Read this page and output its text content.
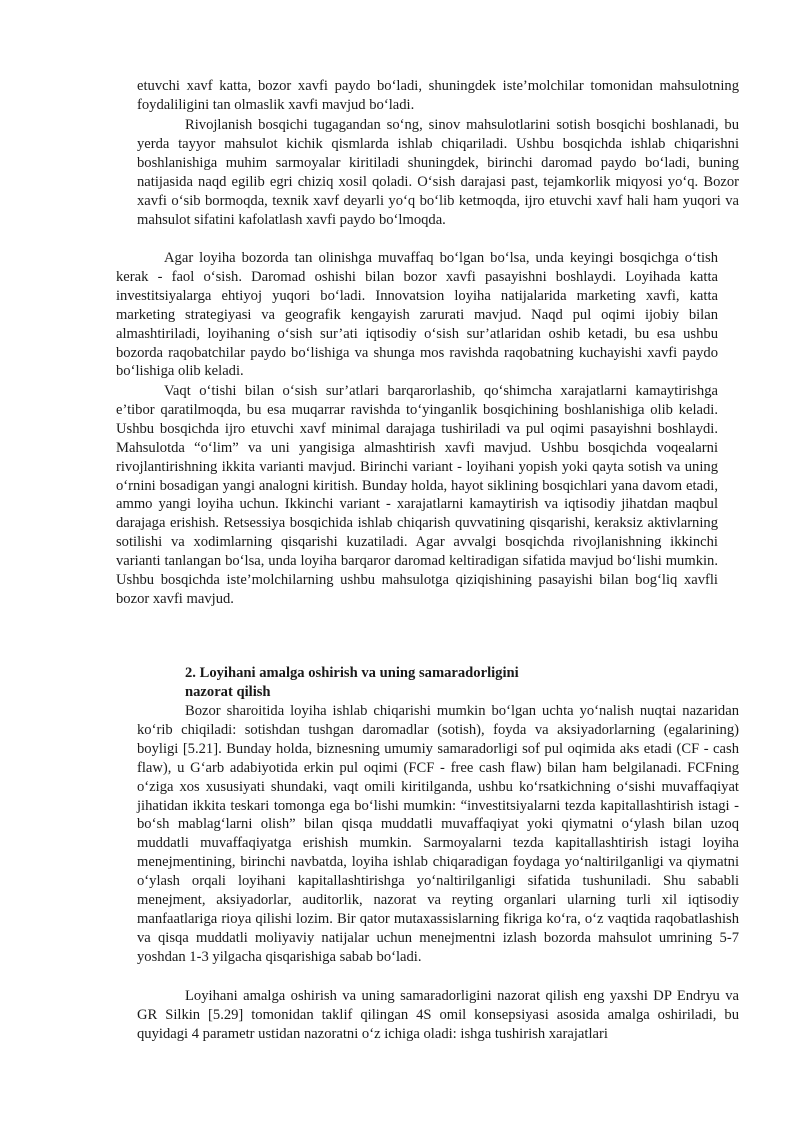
etuvchi xavf katta, bozor xavfi paydo bo‘ladi, shuningdek iste’molchilar tomonidan mahsulotning foydaliligini tan olmaslik xavfi mavjud bo‘ladi.

Rivojlanish bosqichi tugagandan so‘ng, sinov mahsulotlarini sotish bosqichi boshlanadi, bu yerda tayyor mahsulot kichik qismlarda ishlab chiqariladi. Ushbu bosqichda ishlab chiqarishni boshlanishiga muhim sarmoyalar kiritiladi shuningdek, birinchi daromad paydo bo‘ladi, buning natijasida naqd egilib egri chiziq xosil qoladi. O‘sish darajasi past, tejamkorlik miqyosi yo‘q. Bozor xavfi o‘sib bormoqda, texnik xavf deyarli yo‘q bo‘lib ketmoqda, ijro etuvchi xavf hali ham yuqori va mahsulot sifatini kafolatlash xavfi paydo bo‘lmoqda.

Agar loyiha bozorda tan olinishga muvaffaq bo‘lgan bo‘lsa, unda keyingi bosqichga o‘tish kerak - faol o‘sish. Daromad oshishi bilan bozor xavfi pasayishni boshlaydi. Loyihada katta investitsiyalarga ehtiyoj yuqori bo‘ladi. Innovatsion loyiha natijalarida marketing xavfi, katta marketing strategiyasi va geografik kengayish zarurati mavjud. Naqd pul oqimi ijobiy bilan almashtiriladi, loyihaning o‘sish sur’ati iqtisodiy o‘sish sur’atlaridan oshib ketadi, bu esa ushbu bozorda raqobatchilar paydo bo‘lishiga va shunga mos ravishda raqobatning kuchayishi xavfi paydo bo‘lishiga olib keladi.

Vaqt o‘tishi bilan o‘sish sur’atlari barqarorlashib, qo‘shimcha xarajatlarni kamaytirishga e’tibor qaratilmoqda, bu esa muqarrar ravishda to‘yinganlik bosqichining boshlanishiga olib keladi. Ushbu bosqichda ijro etuvchi xavf minimal darajaga tushiriladi va pul oqimi pasayishni boshlaydi. Mahsulotda “o‘lim” va uni yangisiga almashtirish xavfi mavjud. Ushbu bosqichda voqealarni rivojlantirishning ikkita varianti mavjud. Birinchi variant - loyihani yopish yoki qayta sotish va uning o‘rnini bosadigan yangi analogni kiritish. Bunday holda, hayot siklining bosqichlari yana davom etadi, ammo yangi loyiha uchun. Ikkinchi variant - xarajatlarni kamaytirish va iqtisodiy jihatdan maqbul darajaga erishish. Retsessiya bosqichida ishlab chiqarish quvvatining qisqarishi, keraksiz aktivlarning sotilishi va xodimlarning qisqarishi kuzatiladi. Agar avvalgi bosqichda rivojlanishning ikkinchi varianti tanlangan bo‘lsa, unda loyiha barqaror daromad keltiradigan sifatida mavjud bo‘lishi mumkin. Ushbu bosqichda iste’molchilarning ushbu mahsulotga qiziqishining pasayishi bilan bog‘liq xavfli bozor xavfi mavjud.

2. Loyihani amalga oshirish va uning samaradorligini
nazorat qilish

Bozor sharoitida loyiha ishlab chiqarishi mumkin bo‘lgan uchta yo‘nalish nuqtai nazaridan ko‘rib chiqiladi: sotishdan tushgan daromadlar (sotish), foyda va aksiyadorlarning (egalarining) boyligi [5.21]. Bunday holda, biznesning umumiy samaradorligi sof pul oqimida aks etadi (CF - cash flaw), u G‘arb adabiyotida erkin pul oqimi (FCF - free cash flaw) bilan ham belgilanadi. FCFning o‘ziga xos xususiyati shundaki, vaqt omili kiritilganda, ushbu ko‘rsatkichning o‘sishi muvaffaqiyat jihatidan ikkita teskari tomonga ega bo‘lishi mumkin: “investitsiyalarni tezda kapitallashtirish istagi - bo‘sh mablag‘larni olish” bilan qisqa muddatli muvaffaqiyat yoki qiymatni o‘ylash bilan uzoq muddatli muvaffaqiyatga erishish mumkin. Sarmoyalarni tezda kapitallashtirish istagi loyiha menejmentining, birinchi navbatda, loyiha ishlab chiqaradigan foydaga yo‘naltirilganligi va qiymatni o‘ylash orqali loyihani kapitallashtirishga yo‘naltirilganligi sifatida tushuniladi. Shu sababli menejment, aksiyadorlar, auditorlik, nazorat va reyting organlari ularning turli xil iqtisodiy manfaatlariga rioya qilishi lozim. Bir qator mutaxassislarning fikriga ko‘ra, o‘z vaqtida raqobatlashish va qisqa muddatli moliyaviy natijalar uchun menejmentni izlash bozorda mahsulot umrining 5-7 yoshdan 1-3 yilgacha qisqarishiga sabab bo‘ladi.

Loyihani amalga oshirish va uning samaradorligini nazorat qilish eng yaxshi DP Endryu va GR Silkin [5.29] tomonidan taklif qilingan 4S omil konsepsiyasi asosida amalga oshiriladi, bu quyidagi 4 parametr ustidan nazoratni o‘z ichiga oladi: ishga tushirish xarajatlari
